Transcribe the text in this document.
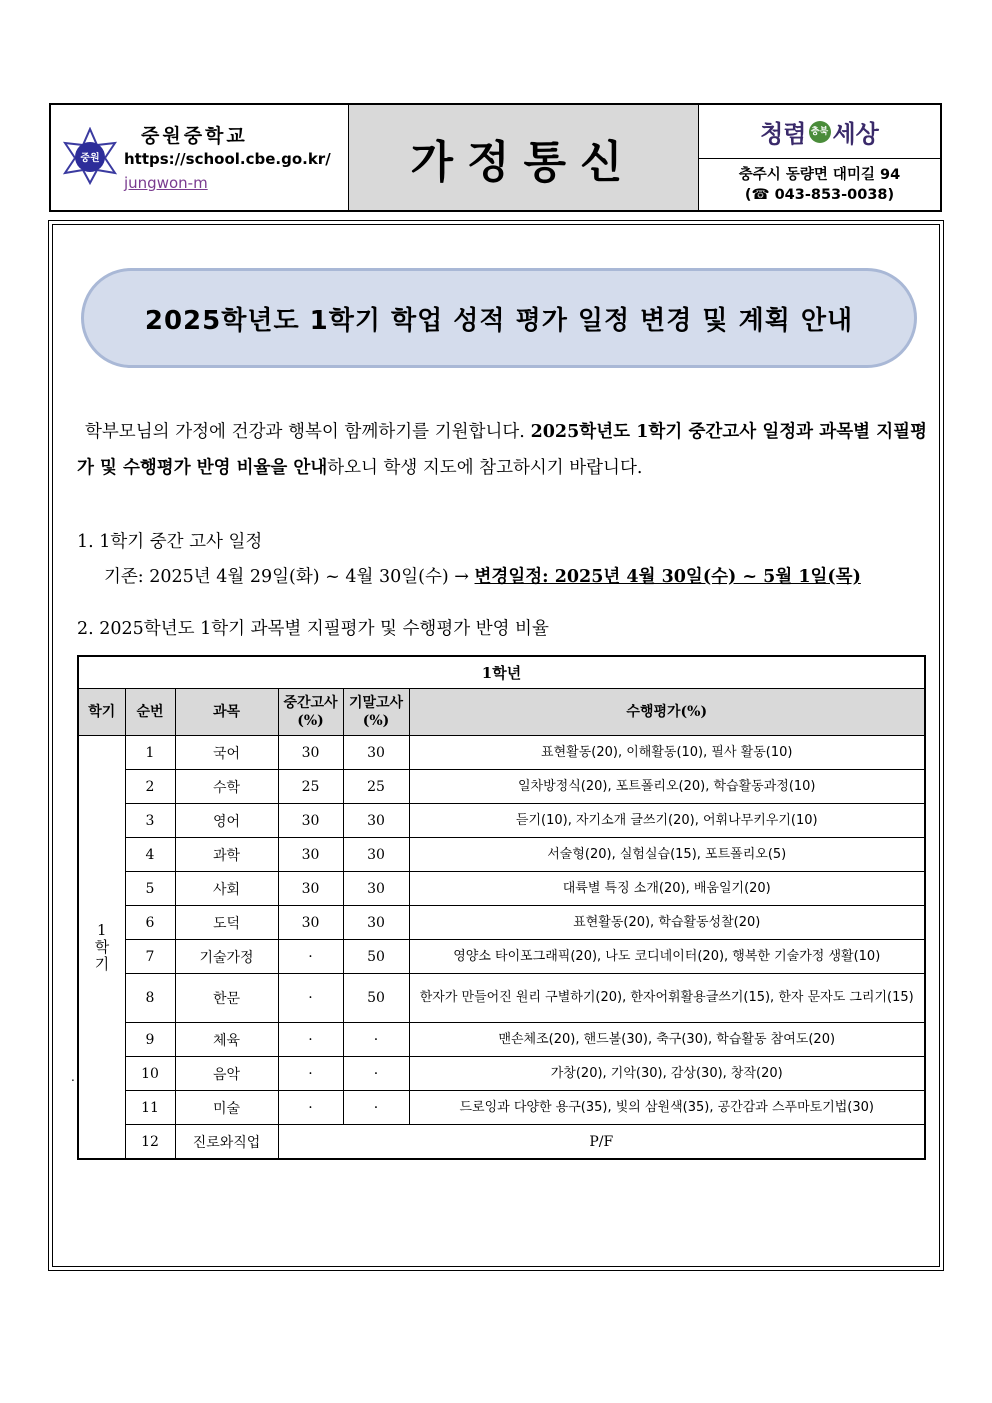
중원
중원중학교
https://school.cbe.go.kr/
jungwon-m	가정통신
청렴 충북 세상
충주시 동량면 대미길 94
(☎ 043-853-0038)
2025학년도 1학기 학업 성적 평가 일정 변경 및 계획 안내
학부모님의 가정에 건강과 행복이 함께하기를 기원합니다. 2025학년도 1학기 중간고사 일정과 과목별 지필평가 및 수행평가 반영 비율을 안내하오니 학생 지도에 참고하시기 바랍니다.
1. 1학기 중간 고사 일정
기존: 2025년 4월 29일(화) ~ 4월 30일(수) → 변경일정: 2025년 4월 30일(수) ~ 5월 1일(목)
2. 2025학년도 1학기 과목별 지필평가 및 수행평가 반영 비율
.
1학년					
학기	순번	과목	중간고사 (%)	기말고사 (%)	수행평가(%)
1 학 기	1	국어	30	30	표현활동(20), 이해활동(10), 필사 활동(10)
	2	수학	25	25	일차방정식(20), 포트폴리오(20), 학습활동과정(10)
	3	영어	30	30	듣기(10), 자기소개 글쓰기(20), 어휘나무키우기(10)
	4	과학	30	30	서술형(20), 실험실습(15), 포트폴리오(5)
	5	사회	30	30	대륙별 특징 소개(20), 배움일기(20)
	6	도덕	30	30	표현활동(20), 학습활동성찰(20)
	7	기술가정	·	50	영양소 타이포그래픽(20), 나도 코디네이터(20), 행복한 기술가정 생활(10)
	8	한문	·	50	한자가 만들어진 원리 구별하기(20), 한자어휘활용글쓰기(15), 한자 문자도 그리기(15)
	9	체육	·	·	맨손체조(20), 핸드볼(30), 축구(30), 학습활동 참여도(20)
	10	음악	·	·	가창(20), 기악(30), 감상(30), 창작(20)
	11	미술	·	·	드로잉과 다양한 용구(35), 빛의 삼원색(35), 공간감과 스푸마토기법(30)
	12	진로와직업	P/F		
